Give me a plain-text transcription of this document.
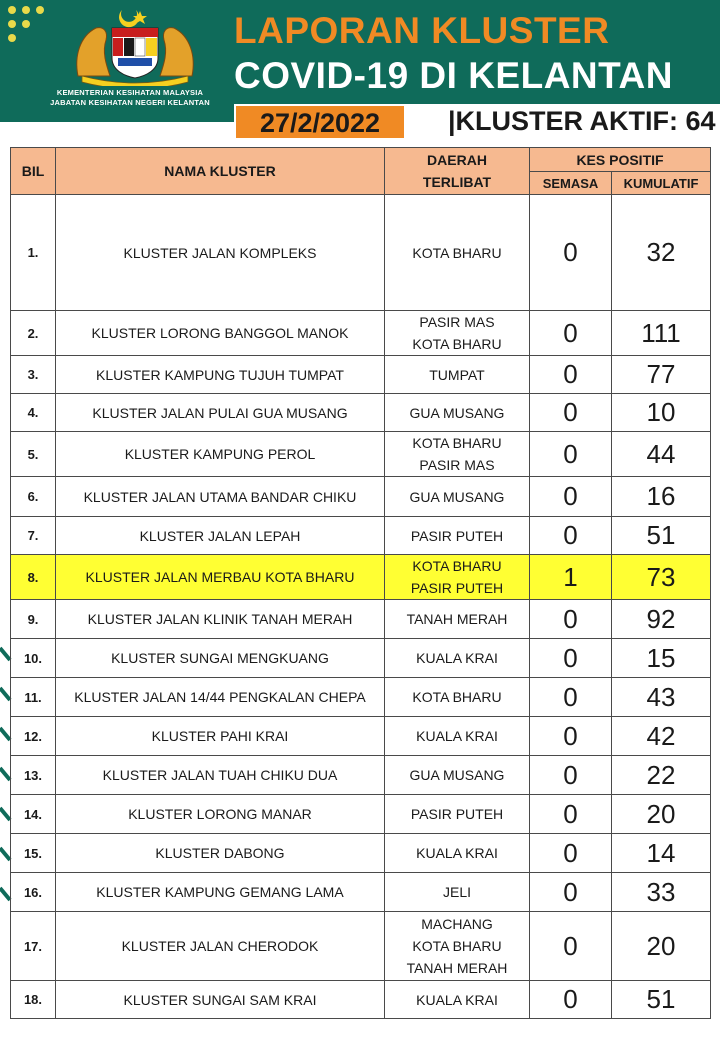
KEMENTERIAN KESIHATAN MALAYSIA
JABATAN KESIHATAN NEGERI KELANTAN
LAPORAN KLUSTER
COVID-19 DI KELANTAN
27/2/2022	|KLUSTER AKTIF: 64
BIL	NAMA KLUSTER	DAERAH
TERLIBAT	KES POSITIF	
			SEMASA	KUMULATIF
1.	KLUSTER JALAN KOMPLEKS	KOTA BHARU	0	32
2.	KLUSTER LORONG BANGGOL MANOK	PASIR MAS
KOTA BHARU	0	111
3.	KLUSTER KAMPUNG TUJUH TUMPAT	TUMPAT	0	77
4.	KLUSTER JALAN PULAI GUA MUSANG	GUA MUSANG	0	10
5.	KLUSTER KAMPUNG PEROL	KOTA BHARU
PASIR MAS	0	44
6.	KLUSTER JALAN UTAMA BANDAR CHIKU	GUA MUSANG	0	16
7.	KLUSTER JALAN LEPAH	PASIR PUTEH	0	51
8.	KLUSTER JALAN MERBAU KOTA BHARU	KOTA BHARU
PASIR PUTEH	1	73
9.	KLUSTER JALAN KLINIK TANAH MERAH	TANAH MERAH	0	92
10.	KLUSTER SUNGAI MENGKUANG	KUALA KRAI	0	15
11.	KLUSTER JALAN 14/44 PENGKALAN CHEPA	KOTA BHARU	0	43
12.	KLUSTER PAHI KRAI	KUALA KRAI	0	42
13.	KLUSTER JALAN TUAH CHIKU DUA	GUA MUSANG	0	22
14.	KLUSTER LORONG MANAR	PASIR PUTEH	0	20
15.	KLUSTER DABONG	KUALA KRAI	0	14
16.	KLUSTER KAMPUNG GEMANG LAMA	JELI	0	33
17.	KLUSTER JALAN CHERODOK	MACHANG
KOTA BHARU
TANAH MERAH	0	20
18.	KLUSTER SUNGAI SAM KRAI	KUALA KRAI	0	51
